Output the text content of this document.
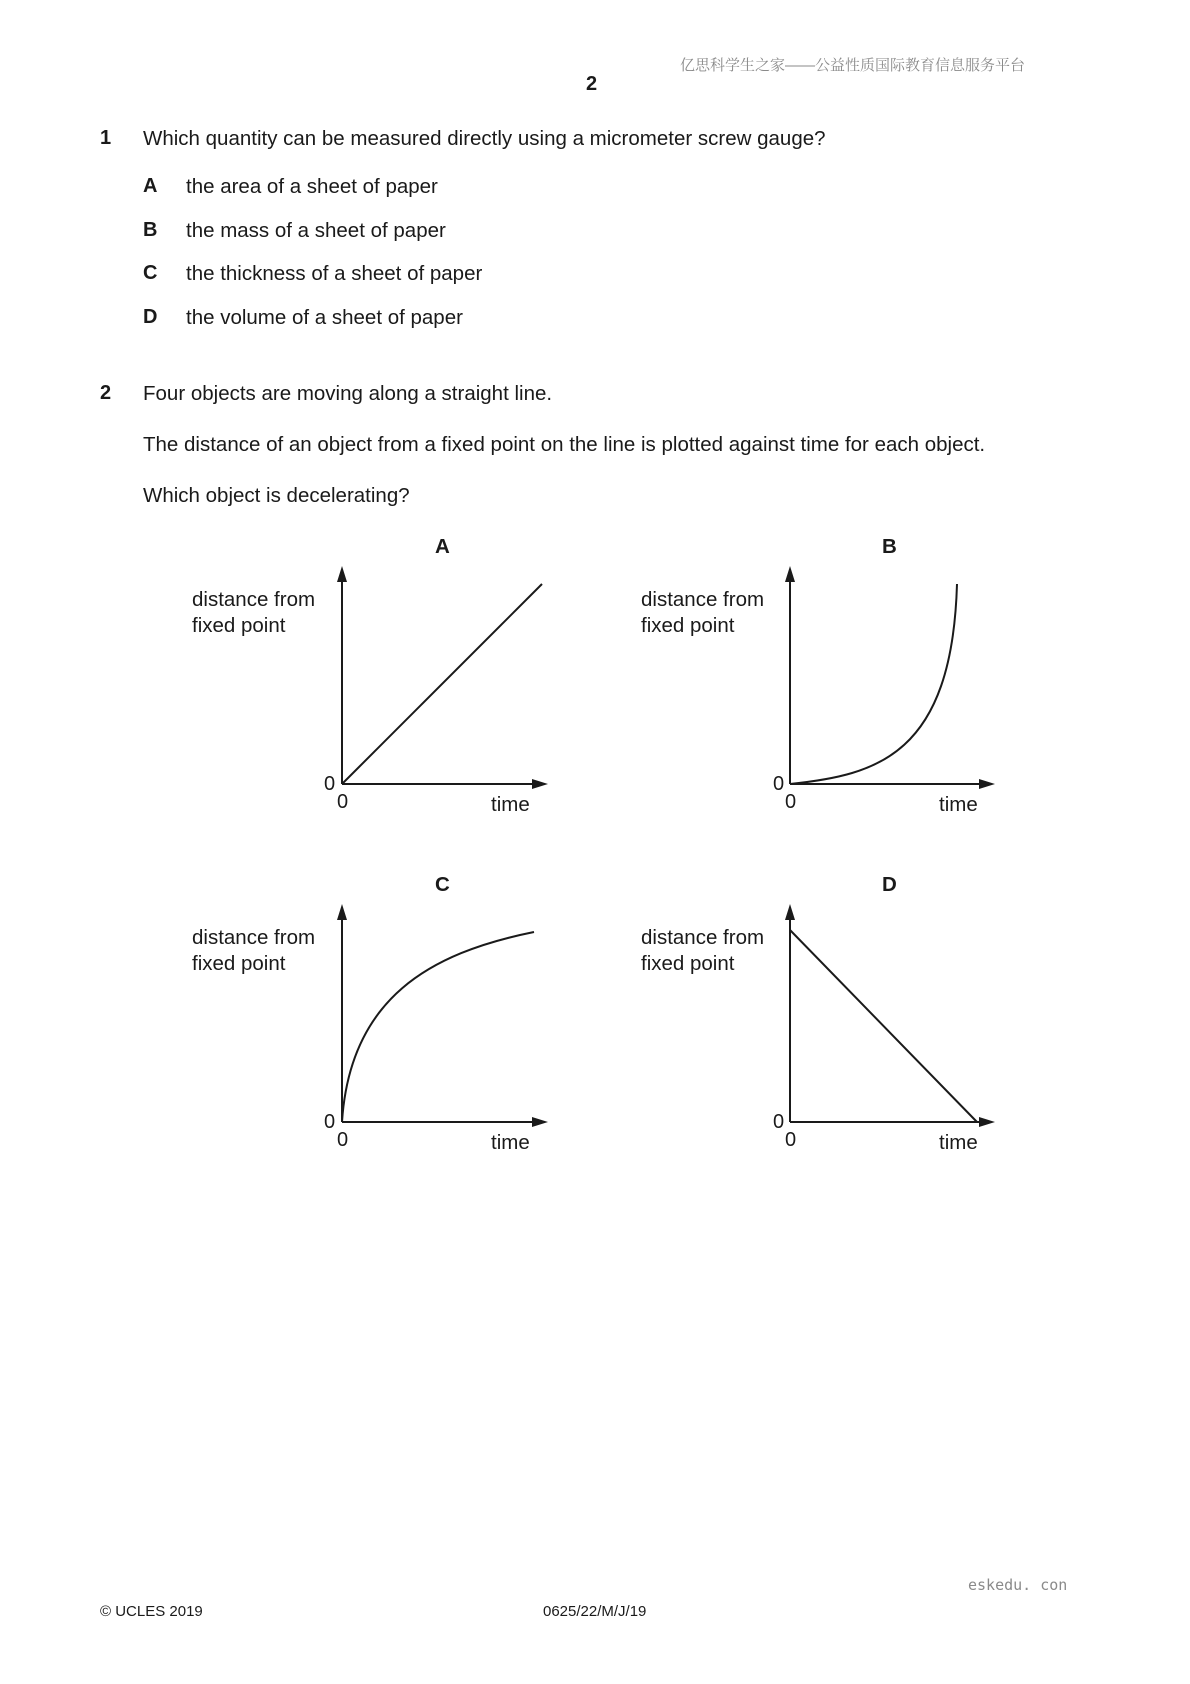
亿思科学生之家——公益性质国际教育信息服务平台
2
1 Which quantity can be measured directly using a micrometer screw gauge?
A the area of a sheet of paper
B the mass of a sheet of paper
C the thickness of a sheet of paper
D the volume of a sheet of paper
2 Four objects are moving along a straight line.
The distance of an object from a fixed point on the line is plotted against time for each object.
Which object is decelerating?
A
distance from
fixed point
0
0	time
B
distance from
fixed point
0
0	time
C
distance from
fixed point
0
0	time
D
distance from
fixed point
0
0	time
eskedu. con
© UCLES 2019	0625/22/M/J/19
